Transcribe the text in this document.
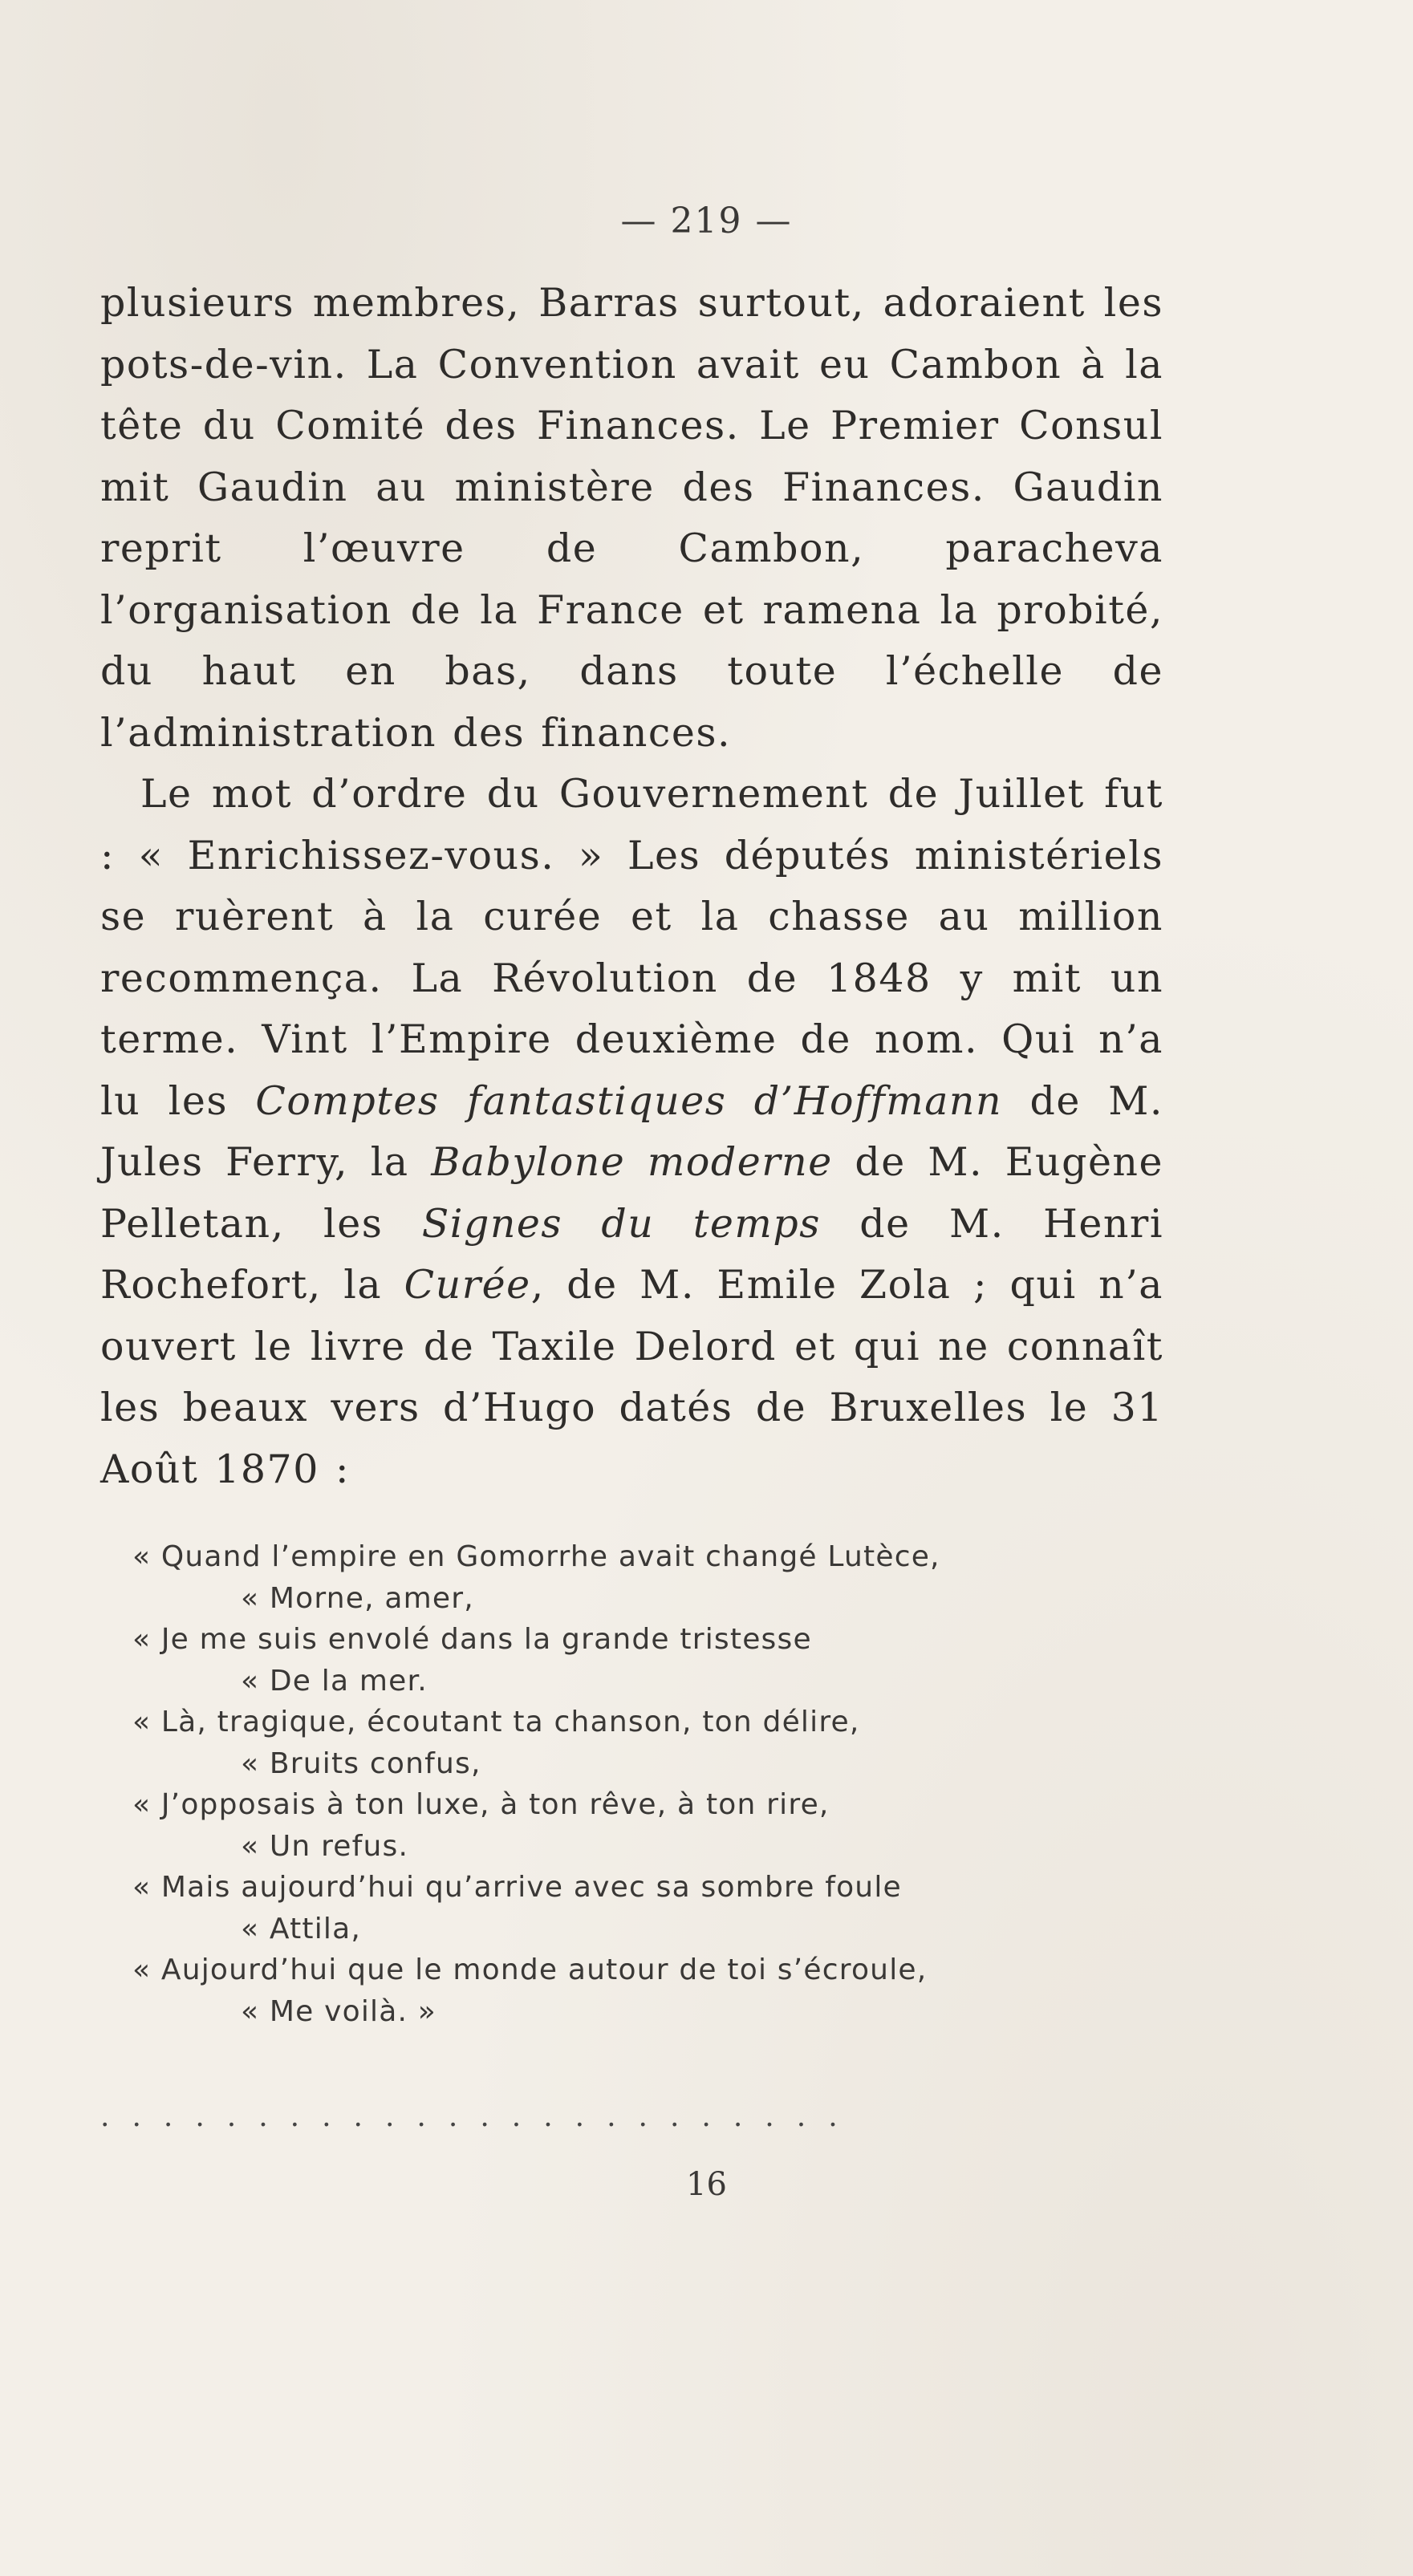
— 219 —

plusieurs membres, Barras surtout, adoraient les pots-de-vin. La Convention avait eu Cambon à la tête du Comité des Finances. Le Premier Consul mit Gaudin au ministère des Finances. Gaudin reprit l’œuvre de Cambon, paracheva l’organisation de la France et ramena la probité, du haut en bas, dans toute l’échelle de l’administration des finances.

Le mot d’ordre du Gouvernement de Juillet fut : « Enrichissez-vous. » Les députés ministériels se ruèrent à la curée et la chasse au million recommença. La Révolution de 1848 y mit un terme. Vint l’Empire deuxième de nom. Qui n’a lu les Comptes fantastiques d’Hoffmann de M. Jules Ferry, la Babylone moderne de M. Eugène Pelletan, les Signes du temps de M. Henri Rochefort, la Curée, de M. Emile Zola ; qui n’a ouvert le livre de Taxile Delord et qui ne connaît les beaux vers d’Hugo datés de Bruxelles le 31 Août 1870 :

« Quand l’empire en Gomorrhe avait changé Lutèce,
« Morne, amer,
« Je me suis envolé dans la grande tristesse
« De la mer.
« Là, tragique, écoutant ta chanson, ton délire,
« Bruits confus,
« J’opposais à ton luxe, à ton rêve, à ton rire,
« Un refus.
« Mais aujourd’hui qu’arrive avec sa sombre foule
« Attila,
« Aujourd’hui que le monde autour de toi s’écroule,
« Me voilà. »
........................
16
